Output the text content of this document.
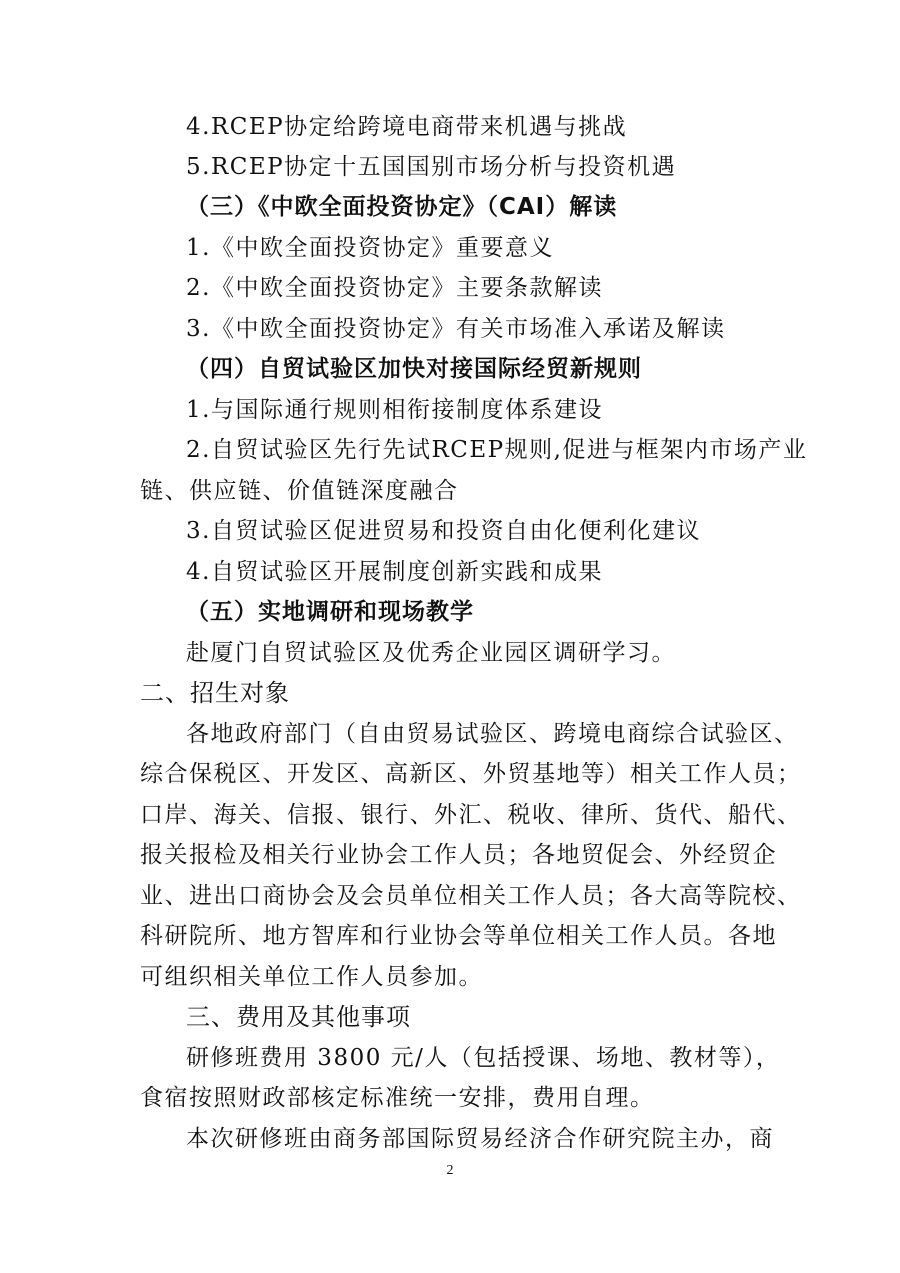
4.RCEP协定给跨境电商带来机遇与挑战
5.RCEP协定十五国国别市场分析与投资机遇
（三）《中欧全面投资协定》（CAI）解读
1.《中欧全面投资协定》重要意义
2.《中欧全面投资协定》主要条款解读
3.《中欧全面投资协定》有关市场准入承诺及解读
（四）自贸试验区加快对接国际经贸新规则
1.与国际通行规则相衔接制度体系建设
2.自贸试验区先行先试RCEP规则,促进与框架内市场产业
链、供应链、价值链深度融合
3.自贸试验区促进贸易和投资自由化便利化建议
4.自贸试验区开展制度创新实践和成果
（五）实地调研和现场教学
赴厦门自贸试验区及优秀企业园区调研学习。
二、招生对象
各地政府部门（自由贸易试验区、跨境电商综合试验区、
综合保税区、开发区、高新区、外贸基地等）相关工作人员；
口岸、海关、信报、银行、外汇、税收、律所、货代、船代、
报关报检及相关行业协会工作人员；各地贸促会、外经贸企
业、进出口商协会及会员单位相关工作人员；各大高等院校、
科研院所、地方智库和行业协会等单位相关工作人员。各地
可组织相关单位工作人员参加。
三、费用及其他事项
研修班费用 3800 元/人（包括授课、场地、教材等），
食宿按照财政部核定标准统一安排，费用自理。
本次研修班由商务部国际贸易经济合作研究院主办，商
2
